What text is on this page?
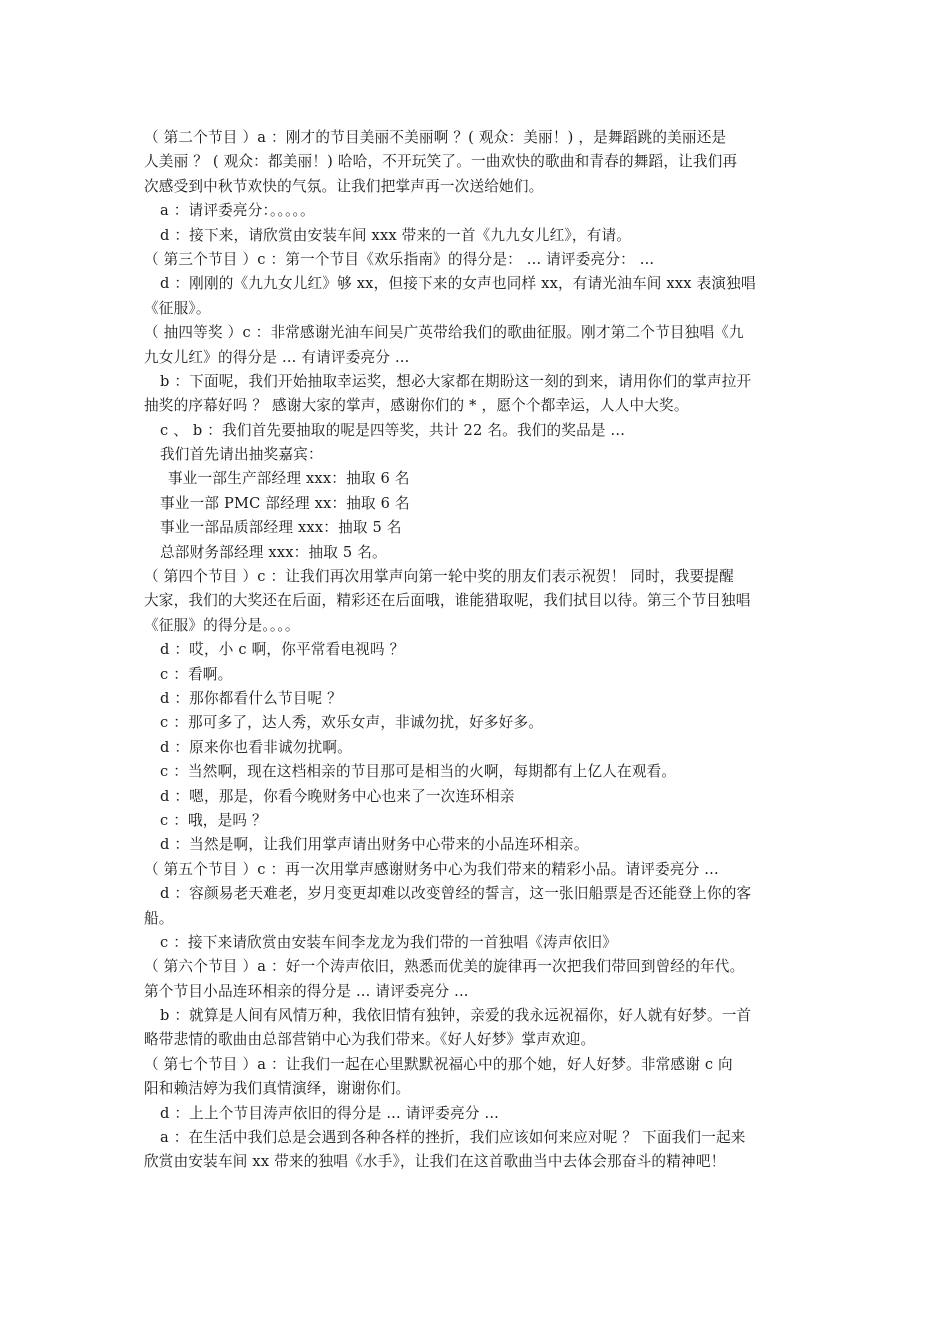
（ 第二个节目 ）a ：刚才的节目美丽不美丽啊 ？( 观众：美丽！) ，是舞蹈跳的美丽还是
人美丽 ？ ( 观众：都美丽！) 哈哈，不开玩笑了。一曲欢快的歌曲和青春的舞蹈，让我们再
次感受到中秋节欢快的气氛。让我们把掌声再一次送给她们。
a ：请评委亮分：。。。。。
d ：接下来，请欣赏由安装车间 xxx 带来的一首《九九女儿红》，有请。
（ 第三个节目 ）c ：第一个节目《欢乐指南》的得分是： ... 请评委亮分： ...
d ：刚刚的《九九女儿红》够 xx，但接下来的女声也同样 xx，有请光油车间 xxx 表演独唱
《征服》。
（ 抽四等奖 ）c ：非常感谢光油车间吴广英带给我们的歌曲征服。刚才第二个节目独唱《九
九女儿红》的得分是 ... 有请评委亮分 ...
b ：下面呢，我们开始抽取幸运奖，想必大家都在期盼这一刻的到来，请用你们的掌声拉开
抽奖的序幕好吗 ？ 感谢大家的掌声，感谢你们的 * ，愿个个都幸运，人人中大奖。
c 、 b ：我们首先要抽取的呢是四等奖，共计 22 名。我们的奖品是 ...
我们首先请出抽奖嘉宾：
事业一部生产部经理 xxx：抽取 6 名
事业一部 PMC 部经理 xx：抽取 6 名
事业一部品质部经理 xxx：抽取 5 名
总部财务部经理 xxx：抽取 5 名。
（ 第四个节目 ）c ：让我们再次用掌声向第一轮中奖的朋友们表示祝贺！ 同时，我要提醒
大家，我们的大奖还在后面，精彩还在后面哦，谁能猎取呢，我们拭目以待。第三个节目独唱
《征服》的得分是。。。。
d ：哎，小 c 啊，你平常看电视吗 ？
c ：看啊。
d ：那你都看什么节目呢 ？
c ：那可多了，达人秀，欢乐女声，非诚勿扰，好多好多。
d ：原来你也看非诚勿扰啊。
c ：当然啊，现在这档相亲的节目那可是相当的火啊，每期都有上亿人在观看。
d ：嗯，那是，你看今晚财务中心也来了一次连环相亲
c ：哦，是吗 ？
d ：当然是啊，让我们用掌声请出财务中心带来的小品连环相亲。
（ 第五个节目 ）c ：再一次用掌声感谢财务中心为我们带来的精彩小品。请评委亮分 ...
d ：容颜易老天难老，岁月变更却难以改变曾经的誓言，这一张旧船票是否还能登上你的客
船。
c ：接下来请欣赏由安装车间李龙龙为我们带的一首独唱《涛声依旧》
（ 第六个节目 ）a ：好一个涛声依旧，熟悉而优美的旋律再一次把我们带回到曾经的年代。
第个节目小品连环相亲的得分是 ... 请评委亮分 ...
b ：就算是人间有风情万种，我依旧情有独钟，亲爱的我永远祝福你，好人就有好梦。一首
略带悲情的歌曲由总部营销中心为我们带来。《好人好梦》掌声欢迎。
（ 第七个节目 ）a ：让我们一起在心里默默祝福心中的那个她，好人好梦。非常感谢 c 向
阳和赖洁婷为我们真情演绎，谢谢你们。
d ：上上个节目涛声依旧的得分是 ... 请评委亮分 ...
a ：在生活中我们总是会遇到各种各样的挫折，我们应该如何来应对呢 ？ 下面我们一起来
欣赏由安装车间 xx 带来的独唱《水手》，让我们在这首歌曲当中去体会那奋斗的精神吧！
